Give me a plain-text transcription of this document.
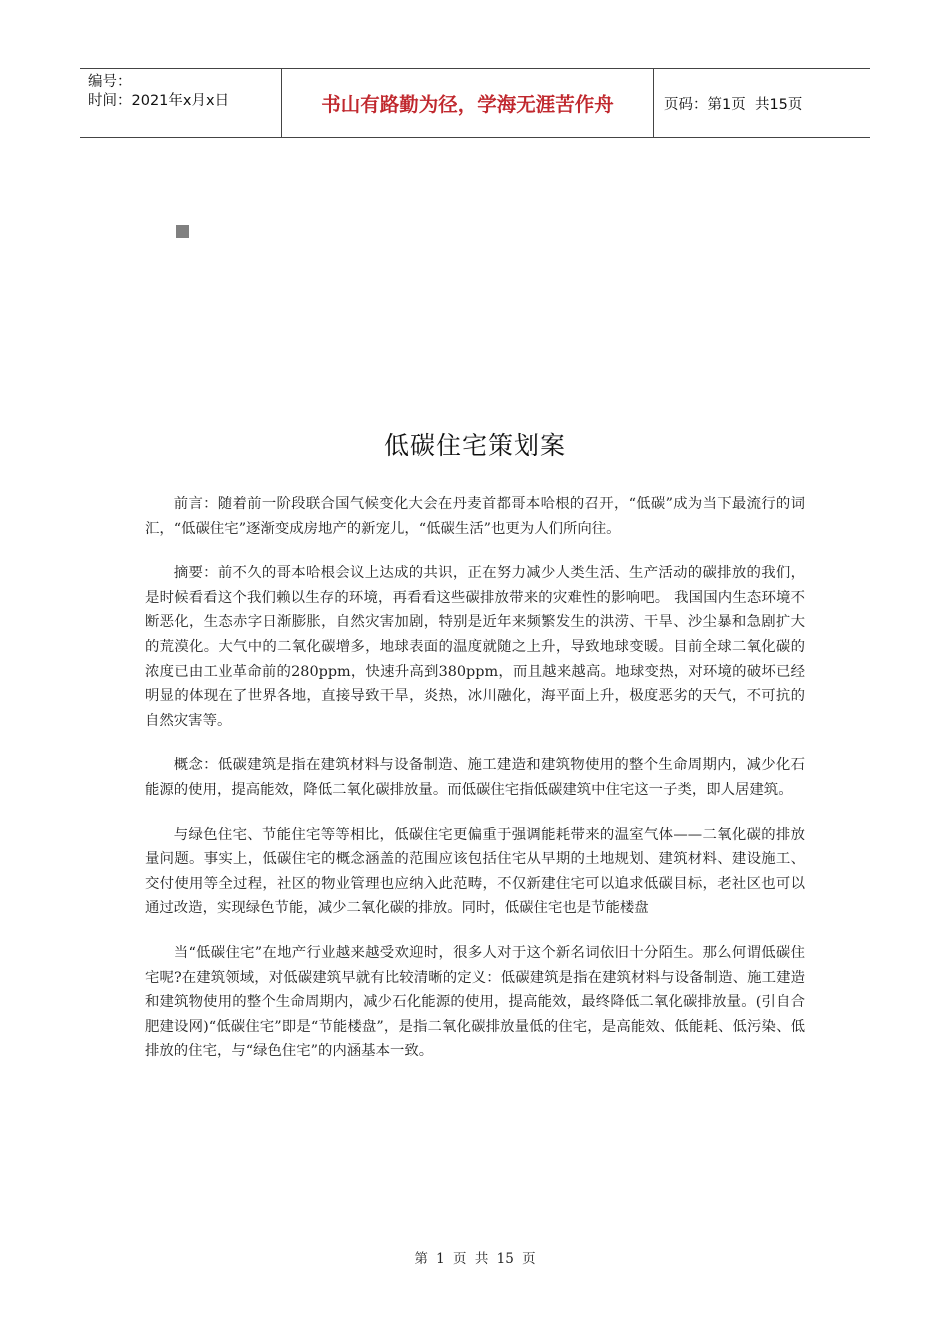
编号：
时间：2021年x月x日	书山有路勤为径，学海无涯苦作舟	页码：第1页  共15页
低碳住宅策划案

前言：随着前一阶段联合国气候变化大会在丹麦首都哥本哈根的召开，“低碳”成为当下最流行的词汇，“低碳住宅”逐渐变成房地产的新宠儿，“低碳生活”也更为人们所向往。

摘要：前不久的哥本哈根会议上达成的共识，正在努力减少人类生活、生产活动的碳排放的我们，是时候看看这个我们赖以生存的环境，再看看这些碳排放带来的灾难性的影响吧。 我国国内生态环境不断恶化，生态赤字日渐膨胀，自然灾害加剧，特别是近年来频繁发生的洪涝、干旱、沙尘暴和急剧扩大的荒漠化。大气中的二氧化碳增多，地球表面的温度就随之上升，导致地球变暖。目前全球二氧化碳的浓度已由工业革命前的280ppm，快速升高到380ppm，而且越来越高。地球变热，对环境的破坏已经明显的体现在了世界各地，直接导致干旱，炎热，冰川融化，海平面上升，极度恶劣的天气，不可抗的自然灾害等。

概念：低碳建筑是指在建筑材料与设备制造、施工建造和建筑物使用的整个生命周期内，减少化石能源的使用，提高能效，降低二氧化碳排放量。而低碳住宅指低碳建筑中住宅这一子类，即人居建筑。

与绿色住宅、节能住宅等等相比，低碳住宅更偏重于强调能耗带来的温室气体——二氧化碳的排放量问题。事实上，低碳住宅的概念涵盖的范围应该包括住宅从早期的土地规划、建筑材料、建设施工、交付使用等全过程，社区的物业管理也应纳入此范畴，不仅新建住宅可以追求低碳目标，老社区也可以通过改造，实现绿色节能，减少二氧化碳的排放。同时，低碳住宅也是节能楼盘

当“低碳住宅”在地产行业越来越受欢迎时，很多人对于这个新名词依旧十分陌生。那么何谓低碳住宅呢?在建筑领域，对低碳建筑早就有比较清晰的定义：低碳建筑是指在建筑材料与设备制造、施工建造和建筑物使用的整个生命周期内，减少石化能源的使用，提高能效，最终降低二氧化碳排放量。(引自合肥建设网)“低碳住宅”即是“节能楼盘”，是指二氧化碳排放量低的住宅，是高能效、低能耗、低污染、低排放的住宅，与“绿色住宅”的内涵基本一致。

第 1 页 共 15 页
